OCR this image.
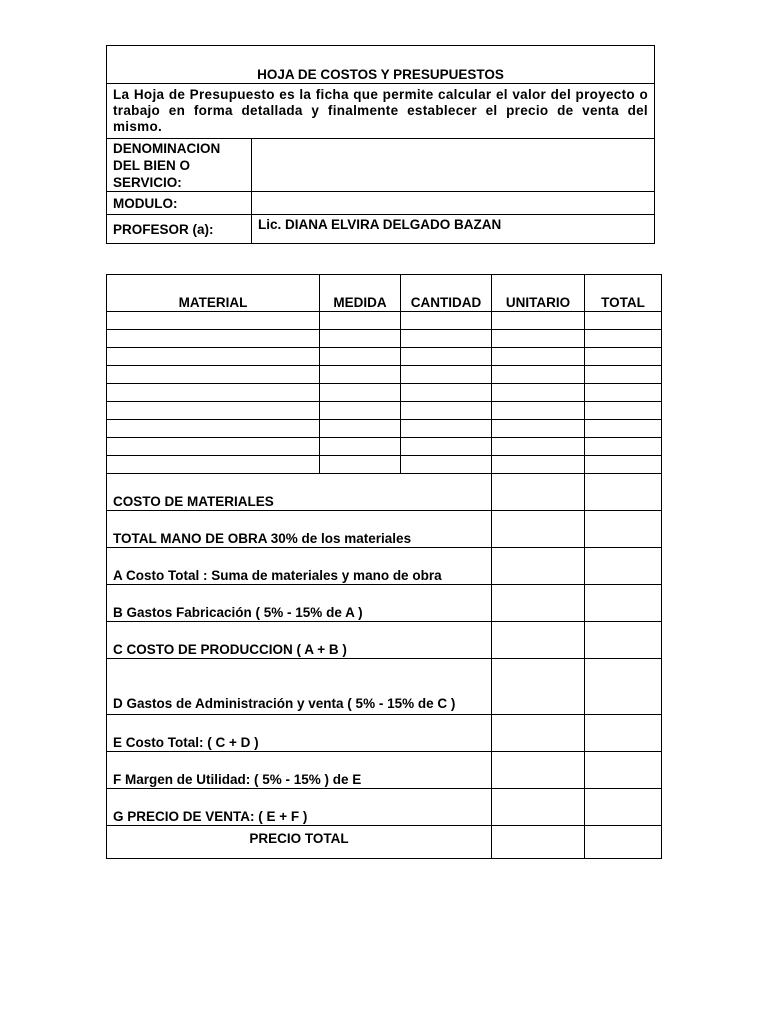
HOJA DE COSTOS Y PRESUPUESTOS	
La Hoja de Presupuesto es la ficha que permite calcular el valor del proyecto o trabajo en forma detallada y finalmente establecer el precio de venta del mismo.	
DENOMINACION DEL BIEN O SERVICIO:	
MODULO:	
PROFESOR (a):	Lic. DIANA ELVIRA DELGADO BAZAN
MATERIAL	MEDIDA	CANTIDAD	UNITARIO	TOTAL

COSTO DE MATERIALES				
TOTAL MANO DE OBRA 30% de los materiales				
A Costo Total : Suma de materiales y mano de obra				
B Gastos Fabricación ( 5% - 15% de A )				
C COSTO DE PRODUCCION ( A + B )				
D Gastos de Administración y venta ( 5% - 15% de C )				
E Costo Total: ( C + D )				
F Margen de Utilidad: ( 5% - 15% ) de E				
G PRECIO DE VENTA: ( E + F )				
PRECIO TOTAL				
